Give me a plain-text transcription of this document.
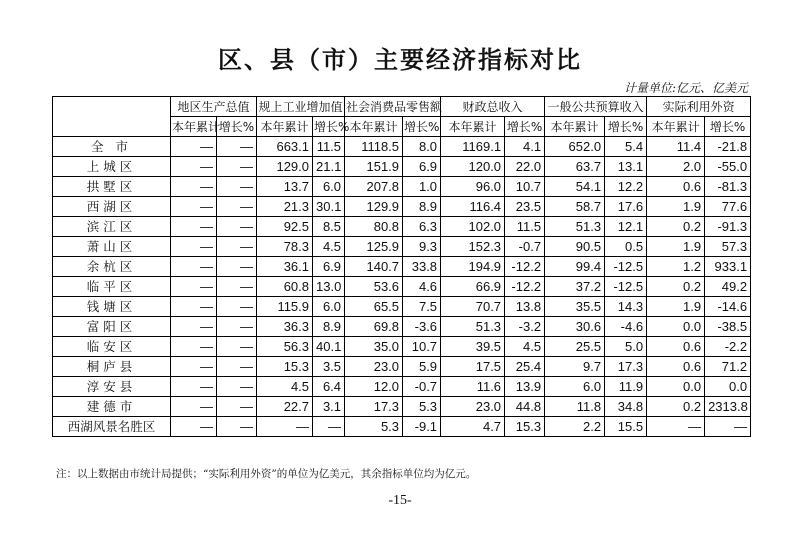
区、县（市）主要经济指标对比
计量单位:亿元、亿美元
	地区生产总值		规上工业增加值		社会消费品零售额		财政总收入		一般公共预算收入		实际利用外资	
	本年累计	增长%	本年累计	增长%	本年累计	增长%	本年累计	增长%	本年累计	增长%	本年累计	增长%
全 市	—	—	663.1	11.5	1118.5	8.0	1169.1	4.1	652.0	5.4	11.4	-21.8
上城区	—	—	129.0	21.1	151.9	6.9	120.0	22.0	63.7	13.1	2.0	-55.0
拱墅区	—	—	13.7	6.0	207.8	1.0	96.0	10.7	54.1	12.2	0.6	-81.3
西湖区	—	—	21.3	30.1	129.9	8.9	116.4	23.5	58.7	17.6	1.9	77.6
滨江区	—	—	92.5	8.5	80.8	6.3	102.0	11.5	51.3	12.1	0.2	-91.3
萧山区	—	—	78.3	4.5	125.9	9.3	152.3	-0.7	90.5	0.5	1.9	57.3
余杭区	—	—	36.1	6.9	140.7	33.8	194.9	-12.2	99.4	-12.5	1.2	933.1
临平区	—	—	60.8	13.0	53.6	4.6	66.9	-12.2	37.2	-12.5	0.2	49.2
钱塘区	—	—	115.9	6.0	65.5	7.5	70.7	13.8	35.5	14.3	1.9	-14.6
富阳区	—	—	36.3	8.9	69.8	-3.6	51.3	-3.2	30.6	-4.6	0.0	-38.5
临安区	—	—	56.3	40.1	35.0	10.7	39.5	4.5	25.5	5.0	0.6	-2.2
桐庐县	—	—	15.3	3.5	23.0	5.9	17.5	25.4	9.7	17.3	0.6	71.2
淳安县	—	—	4.5	6.4	12.0	-0.7	11.6	13.9	6.0	11.9	0.0	0.0
建德市	—	—	22.7	3.1	17.3	5.3	23.0	44.8	11.8	34.8	0.2	2313.8
西湖风景名胜区	—	—	—	—	5.3	-9.1	4.7	15.3	2.2	15.5	—	—
注：以上数据由市统计局提供；“实际利用外资”的单位为亿美元，其余指标单位均为亿元。
-15-
